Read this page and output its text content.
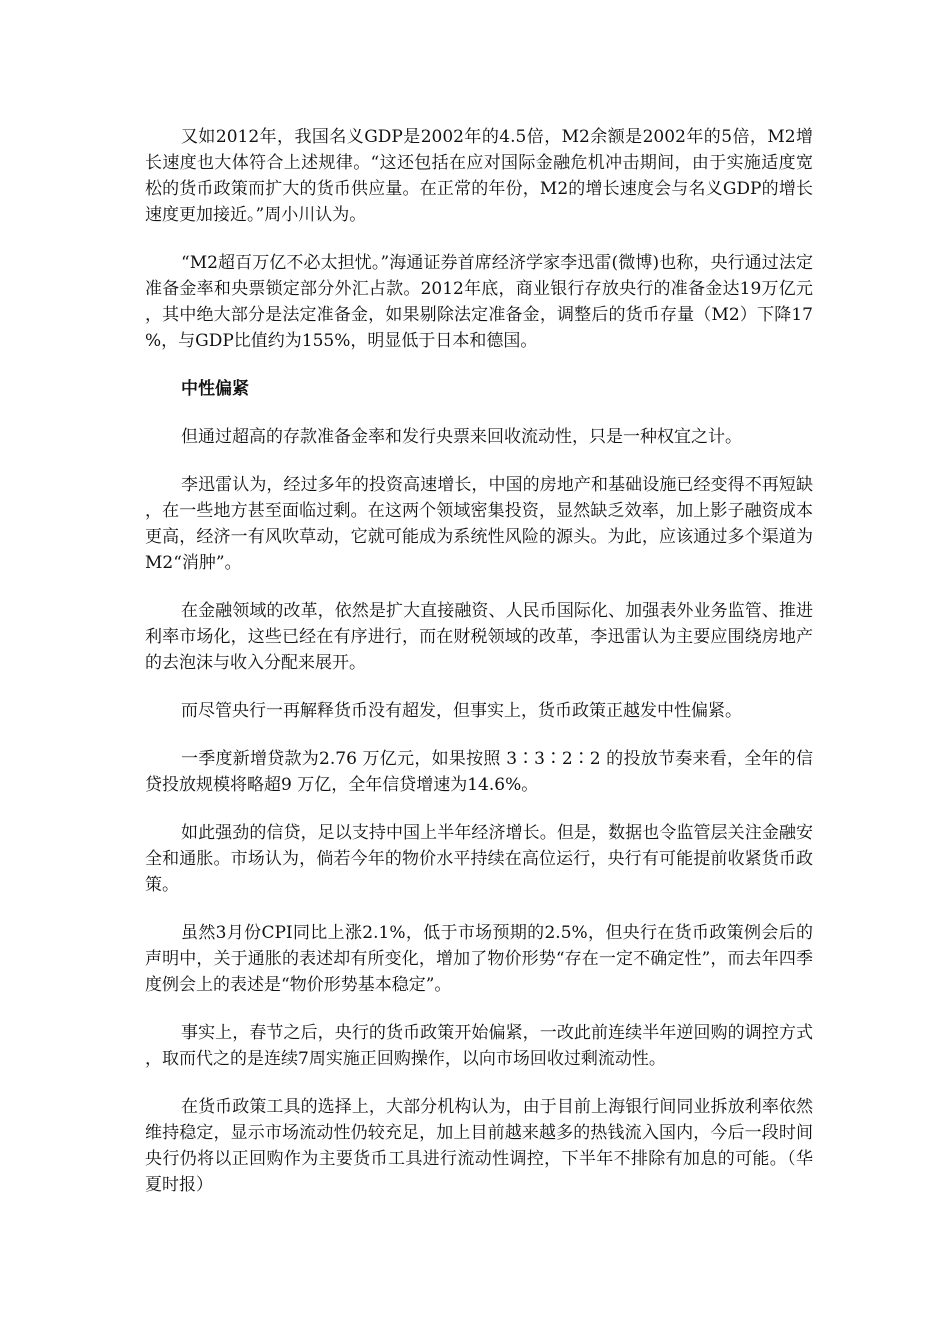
又如2012年，我国名义GDP是2002年的4.5倍，M2余额是2002年的5倍，M2增长速度也大体符合上述规律。“这还包括在应对国际金融危机冲击期间，由于实施适度宽松的货币政策而扩大的货币供应量。在正常的年份，M2的增长速度会与名义GDP的增长速度更加接近。”周小川认为。

“M2超百万亿不必太担忧。”海通证券首席经济学家李迅雷(微博)也称，央行通过法定准备金率和央票锁定部分外汇占款。2012年底，商业银行存放央行的准备金达19万亿元，其中绝大部分是法定准备金，如果剔除法定准备金，调整后的货币存量（M2）下降17%，与GDP比值约为155%，明显低于日本和德国。

中性偏紧

但通过超高的存款准备金率和发行央票来回收流动性，只是一种权宜之计。

李迅雷认为，经过多年的投资高速增长，中国的房地产和基础设施已经变得不再短缺，在一些地方甚至面临过剩。在这两个领域密集投资，显然缺乏效率，加上影子融资成本更高，经济一有风吹草动，它就可能成为系统性风险的源头。为此，应该通过多个渠道为M2“消肿”。

在金融领域的改革，依然是扩大直接融资、人民币国际化、加强表外业务监管、推进利率市场化，这些已经在有序进行，而在财税领域的改革，李迅雷认为主要应围绕房地产的去泡沫与收入分配来展开。

而尽管央行一再解释货币没有超发，但事实上，货币政策正越发中性偏紧。

一季度新增贷款为2.76 万亿元，如果按照 3∶3∶2∶2 的投放节奏来看，全年的信贷投放规模将略超9 万亿，全年信贷增速为14.6%。

如此强劲的信贷，足以支持中国上半年经济增长。但是，数据也令监管层关注金融安全和通胀。市场认为，倘若今年的物价水平持续在高位运行，央行有可能提前收紧货币政策。

虽然3月份CPI同比上涨2.1%，低于市场预期的2.5%，但央行在货币政策例会后的声明中，关于通胀的表述却有所变化，增加了物价形势“存在一定不确定性”，而去年四季度例会上的表述是“物价形势基本稳定”。

事实上，春节之后，央行的货币政策开始偏紧，一改此前连续半年逆回购的调控方式，取而代之的是连续7周实施正回购操作，以向市场回收过剩流动性。

在货币政策工具的选择上，大部分机构认为，由于目前上海银行间同业拆放利率依然维持稳定，显示市场流动性仍较充足，加上目前越来越多的热钱流入国内，今后一段时间央行仍将以正回购作为主要货币工具进行流动性调控，下半年不排除有加息的可能。（华夏时报）
